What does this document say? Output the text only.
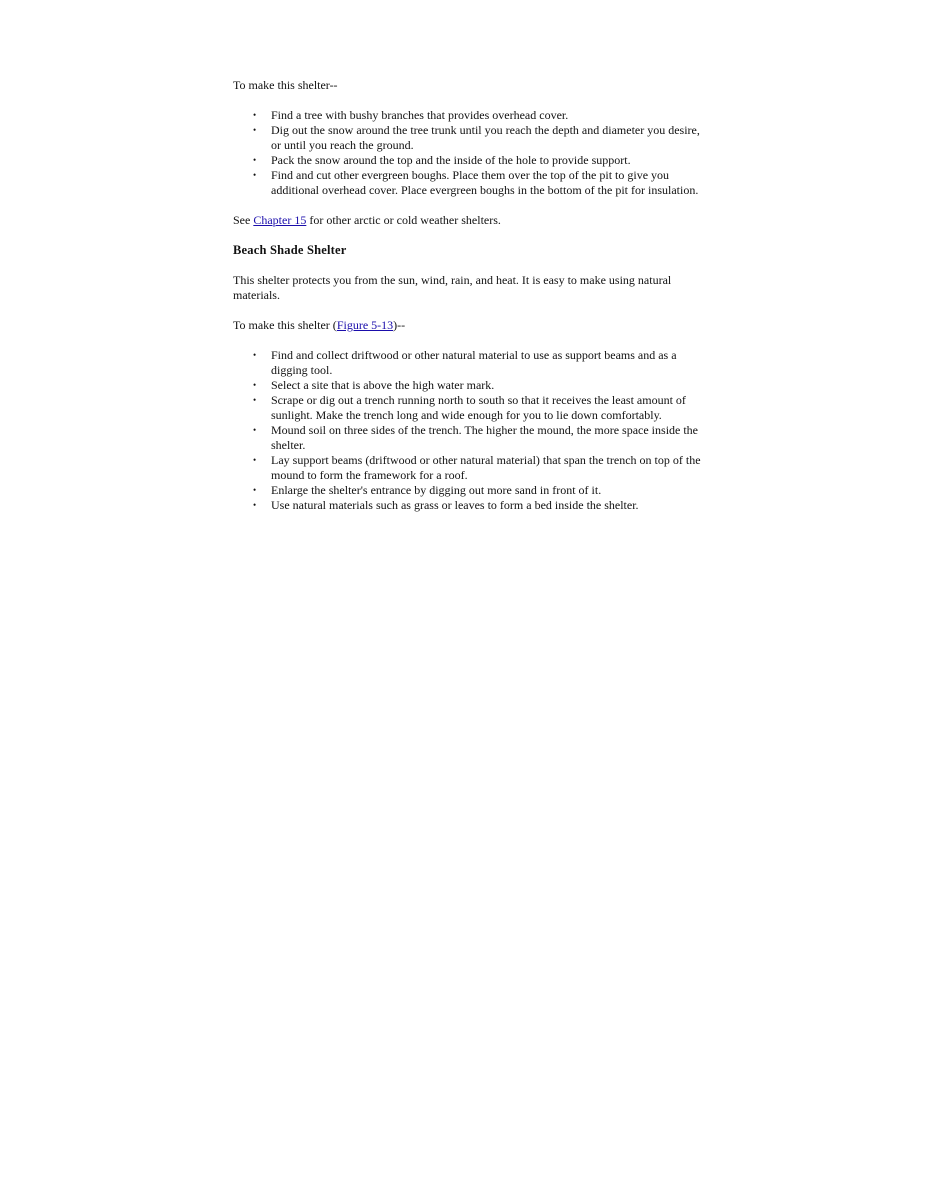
To make this shelter--

• Find a tree with bushy branches that provides overhead cover.
• Dig out the snow around the tree trunk until you reach the depth and diameter you desire, or until you reach the ground.
• Pack the snow around the top and the inside of the hole to provide support.
• Find and cut other evergreen boughs. Place them over the top of the pit to give you additional overhead cover. Place evergreen boughs in the bottom of the pit for insulation.

See Chapter 15 for other arctic or cold weather shelters.

Beach Shade Shelter

This shelter protects you from the sun, wind, rain, and heat. It is easy to make using natural materials.

To make this shelter (Figure 5-13)--

• Find and collect driftwood or other natural material to use as support beams and as a digging tool.
• Select a site that is above the high water mark.
• Scrape or dig out a trench running north to south so that it receives the least amount of sunlight. Make the trench long and wide enough for you to lie down comfortably.
• Mound soil on three sides of the trench. The higher the mound, the more space inside the shelter.
• Lay support beams (driftwood or other natural material) that span the trench on top of the mound to form the framework for a roof.
• Enlarge the shelter's entrance by digging out more sand in front of it.
• Use natural materials such as grass or leaves to form a bed inside the shelter.
